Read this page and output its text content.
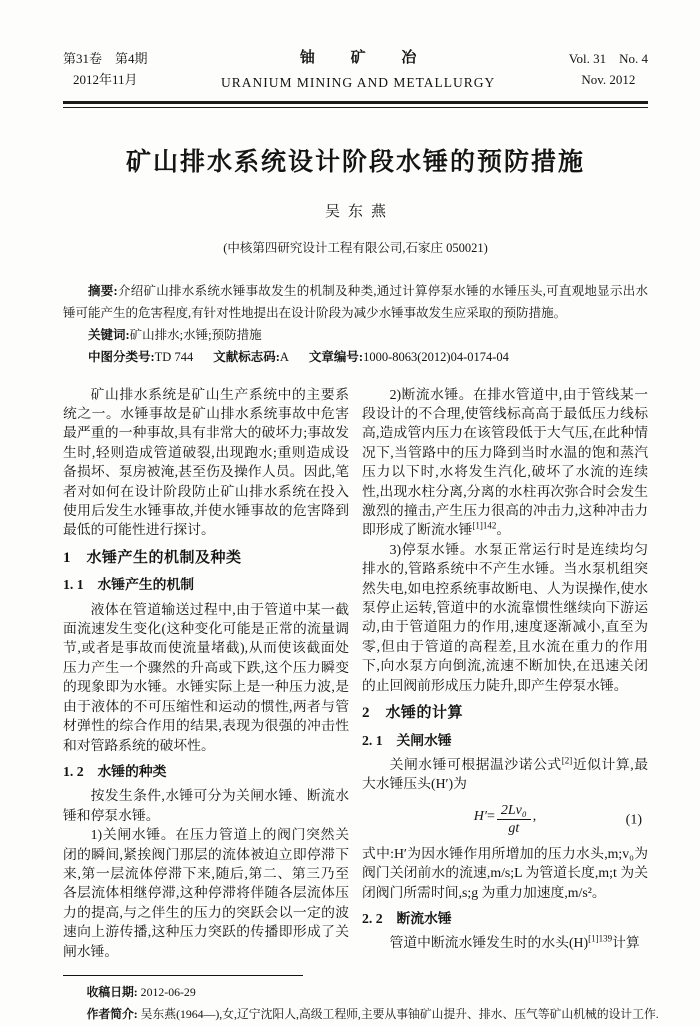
第31卷　第4期
2012年11月
铀 矿 冶
URANIUM MINING AND METALLURGY
Vol. 31　No. 4
Nov. 2012
矿山排水系统设计阶段水锤的预防措施
吴东燕
(中核第四研究设计工程有限公司,石家庄 050021)

摘要:介绍矿山排水系统水锤事故发生的机制及种类,通过计算停泵水锤的水锤压头,可直观地显示出水锤可能产生的危害程度,有针对性地提出在设计阶段为减少水锤事故发生应采取的预防措施。

关键词:矿山排水;水锤;预防措施

中图分类号:TD 744 文献标志码:A 文章编号:1000-8063(2012)04-0174-04

矿山排水系统是矿山生产系统中的主要系统之一。水锤事故是矿山排水系统事故中危害最严重的一种事故,具有非常大的破坏力;事故发生时,轻则造成管道破裂,出现跑水;重则造成设备损坏、泵房被淹,甚至伤及操作人员。因此,笔者对如何在设计阶段防止矿山排水系统在投入使用后发生水锤事故,并使水锤事故的危害降到最低的可能性进行探讨。

1　水锤产生的机制及种类
1. 1　水锤产生的机制

液体在管道输送过程中,由于管道中某一截面流速发生变化(这种变化可能是正常的流量调节,或者是事故而使流量堵截),从而使该截面处压力产生一个骤然的升高或下跌,这个压力瞬变的现象即为水锤。水锤实际上是一种压力波,是由于液体的不可压缩性和运动的惯性,两者与管材弹性的综合作用的结果,表现为很强的冲击性和对管路系统的破坏性。

1. 2　水锤的种类

按发生条件,水锤可分为关闸水锤、断流水锤和停泵水锤。

1)关闸水锤。在压力管道上的阀门突然关闭的瞬间,紧挨阀门那层的流体被迫立即停滞下来,第一层流体停滞下来,随后,第二、第三乃至各层流体相继停滞,这种停滞将伴随各层流体压力的提高,与之伴生的压力的突跃会以一定的波速向上游传播,这种压力突跃的传播即形成了关闸水锤。

2)断流水锤。在排水管道中,由于管线某一段设计的不合理,使管线标高高于最低压力线标高,造成管内压力在该管段低于大气压,在此种情况下,当管路中的压力降到当时水温的饱和蒸汽压力以下时,水将发生汽化,破坏了水流的连续性,出现水柱分离,分离的水柱再次弥合时会发生激烈的撞击,产生压力很高的冲击力,这种冲击力即形成了断流水锤$^{[1]142}$。

3)停泵水锤。水泵正常运行时是连续均匀排水的,管路系统中不产生水锤。当水泵机组突然失电,如电控系统事故断电、人为误操作,使水泵停止运转,管道中的水流靠惯性继续向下游运动,由于管道阻力的作用,速度逐渐减小,直至为零,但由于管道的高程差,且水流在重力的作用下,向水泵方向倒流,流速不断加快,在迅速关闭的止回阀前形成压力陡升,即产生停泵水锤。

2　水锤的计算
2. 1　关闸水锤

关闸水锤可根据温沙诺公式[2]近似计算,最大水锤压头(H′)为

$H'= \frac{\text{2Lv₀}}{gt}$ ,	(1)

式中:H′为因水锤作用所增加的压力水头,m;v₀为阀门关闭前水的流速,m/s;L 为管道长度,m;t 为关闭阀门所需时间,s;g 为重力加速度,m/s²。

2. 2　断流水锤

管道中断流水锤发生时的水头$(H)^{[1]139}$计算

收稿日期: 2012-06-29

作者简介: 吴东燕(1964—),女,辽宁沈阳人,高级工程师,主要从事铀矿山提升、排水、压气等矿山机械的设计工作.
